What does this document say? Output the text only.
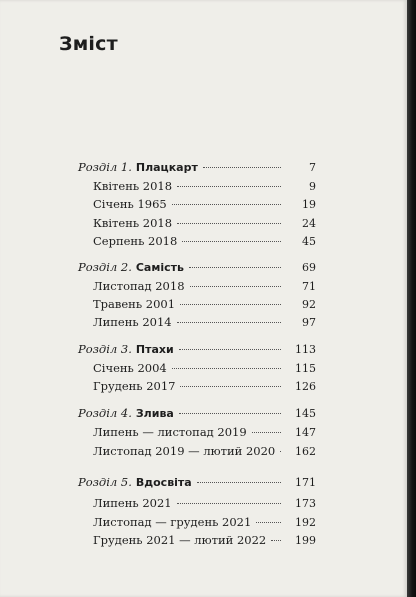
Зміст
Розділ 1. Плацкарт	7
Квітень 2018	9
Січень 1965	19
Квітень 2018	24
Серпень 2018	45
Розділ 2. Самість	69
Листопад 2018	71
Травень 2001	92
Липень 2014	97
Розділ 3. Птахи	113
Січень 2004	115
Грудень 2017	126
Розділ 4. Злива	145
Липень — листопад 2019	147
Листопад 2019 — лютий 2020	162
Розділ 5. Вдосвіта	171
Липень 2021	173
Листопад — грудень 2021	192
Грудень 2021 — лютий 2022	199
